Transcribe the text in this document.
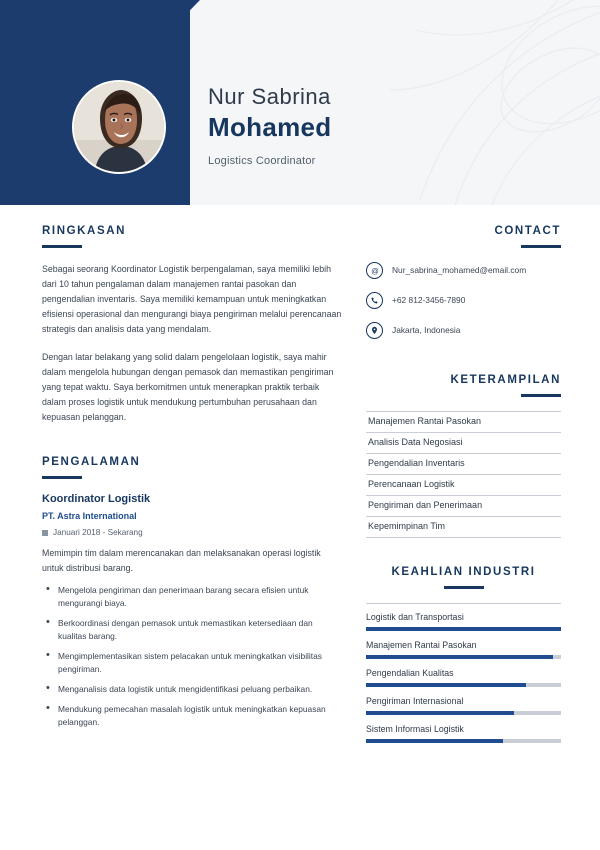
Nur Sabrina
Mohamed
Logistics Coordinator
RINGKASAN
Sebagai seorang Koordinator Logistik berpengalaman, saya memiliki lebih dari 10 tahun pengalaman dalam manajemen rantai pasokan dan pengendalian inventaris. Saya memiliki kemampuan untuk meningkatkan efisiensi operasional dan mengurangi biaya pengiriman melalui perencanaan strategis dan analisis data yang mendalam.
Dengan latar belakang yang solid dalam pengelolaan logistik, saya mahir dalam mengelola hubungan dengan pemasok dan memastikan pengiriman yang tepat waktu. Saya berkomitmen untuk menerapkan praktik terbaik dalam proses logistik untuk mendukung pertumbuhan perusahaan dan kepuasan pelanggan.
PENGALAMAN
Koordinator Logistik
PT. Astra International
Januari 2018 - Sekarang
Memimpin tim dalam merencanakan dan melaksanakan operasi logistik untuk distribusi barang.
• Mengelola pengiriman dan penerimaan barang secara efisien untuk mengurangi biaya.
• Berkoordinasi dengan pemasok untuk memastikan ketersediaan dan kualitas barang.
• Mengimplementasikan sistem pelacakan untuk meningkatkan visibilitas pengiriman.
• Menganalisis data logistik untuk mengidentifikasi peluang perbaikan.
• Mendukung pemecahan masalah logistik untuk meningkatkan kepuasan pelanggan.
CONTACT
@ Nur_sabrina_mohamed@email.com
+62 812-3456-7890
Jakarta, Indonesia
KETERAMPILAN
Manajemen Rantai Pasokan
Analisis Data Negosiasi
Pengendalian Inventaris
Perencanaan Logistik
Pengiriman dan Penerimaan
Kepemimpinan Tim
KEAHLIAN INDUSTRI
Logistik dan Transportasi
Manajemen Rantai Pasokan
Pengendalian Kualitas
Pengiriman Internasional
Sistem Informasi Logistik
